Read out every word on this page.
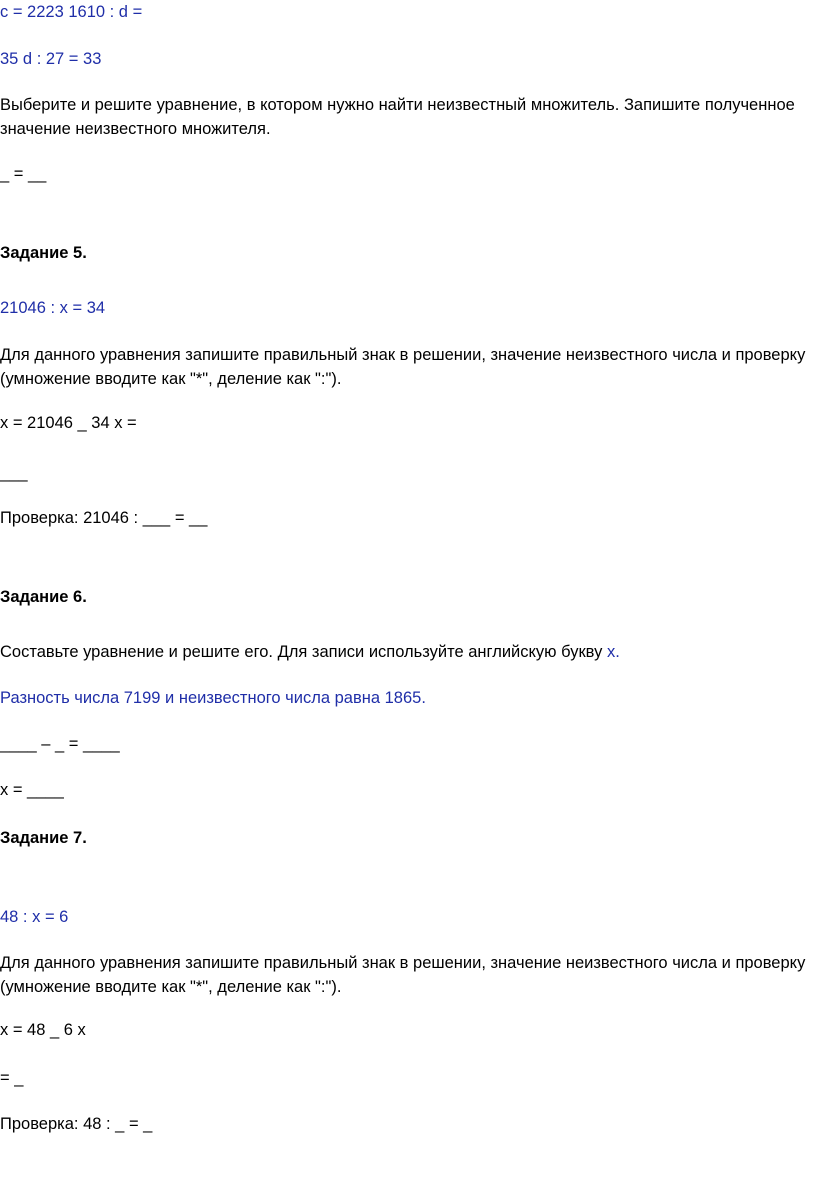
c = 2223 1610 : d =
35 d : 27 = 33
Выберите и решите уравнение, в котором нужно найти неизвестный множитель. Запишите полученное значение неизвестного множителя.
_ = __
Задание 5.
21046 : x = 34
Для данного уравнения запишите правильный знак в решении, значение неизвестного числа и проверку (умножение вводите как "*", деление как ":").
x = 21046 _ 34 x =
___
Проверка: 21046 : ___ = __
Задание 6.
Составьте уравнение и решите его. Для записи используйте английскую букву x.
Разность числа 7199 и неизвестного числа равна 1865.
____ – _ = ____
x = ____
Задание 7.
48 : x = 6
Для данного уравнения запишите правильный знак в решении, значение неизвестного числа и проверку (умножение вводите как "*", деление как ":").
x = 48 _ 6 x
= _
Проверка: 48 : _ = _
